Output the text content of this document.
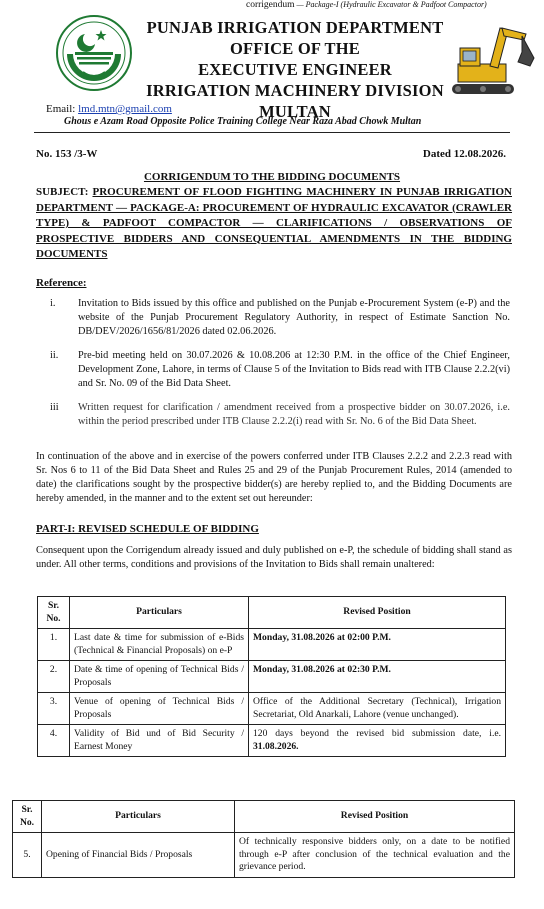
corrigendum — Package-I (Hydraulic Excavator & Padfoot Compactor)
PUNJAB IRRIGATION DEPARTMENT
OFFICE OF THE
EXECUTIVE ENGINEER
IRRIGATION MACHINERY DIVISION
MULTAN
Email: lmd.mtn@gmail.com
Ghous e Azam Road Opposite Police Training College Near Raza Abad Chowk Multan
No. 153 /3-W	Dated 12.08.2026.
CORRIGENDUM TO THE BIDDING DOCUMENTS
SUBJECT: PROCUREMENT OF FLOOD FIGHTING MACHINERY IN PUNJAB IRRIGATION DEPARTMENT — PACKAGE-A: PROCUREMENT OF HYDRAULIC EXCAVATOR (CRAWLER TYPE) & PADFOOT COMPACTOR — CLARIFICATIONS / OBSERVATIONS OF PROSPECTIVE BIDDERS AND CONSEQUENTIAL AMENDMENTS IN THE BIDDING DOCUMENTS
Reference:
i.	Invitation to Bids issued by this office and published on the Punjab e-Procurement System (e-P) and the website of the Punjab Procurement Regulatory Authority, in respect of Estimate Sanction No. DB/DEV/2026/1656/81/2026 dated 02.06.2026.
ii.	Pre-bid meeting held on 30.07.2026 & 10.08.206 at 12:30 P.M. in the office of the Chief Engineer, Development Zone, Lahore, in terms of Clause 5 of the Invitation to Bids read with ITB Clause 2.2.2(vi) and Sr. No. 09 of the Bid Data Sheet.
iii	Written request for clarification / amendment received from a prospective bidder on 30.07.2026, i.e. within the period prescribed under ITB Clause 2.2.2(i) read with Sr. No. 6 of the Bid Data Sheet.
In continuation of the above and in exercise of the powers conferred under ITB Clauses 2.2.2 and 2.2.3 read with Sr. Nos 6 to 11 of the Bid Data Sheet and Rules 25 and 29 of the Punjab Procurement Rules, 2014 (amended to date) the clarifications sought by the prospective bidder(s) are hereby replied to, and the Bidding Documents are hereby amended, in the manner and to the extent set out hereunder:
PART-I: REVISED SCHEDULE OF BIDDING
Consequent upon the Corrigendum already issued and duly published on e-P, the schedule of bidding shall stand as under. All other terms, conditions and provisions of the Invitation to Bids shall remain unaltered:
Sr. No.	Particulars	Revised Position
1.	Last date & time for submission of e-Bids (Technical & Financial Proposals) on e-P	Monday, 31.08.2026 at 02:00 P.M.
2.	Date & time of opening of Technical Bids / Proposals	Monday, 31.08.2026 at 02:30 P.M.
3.	Venue of opening of Technical Bids / Proposals	Office of the Additional Secretary (Technical), Irrigation Secretariat, Old Anarkali, Lahore (venue unchanged).
4.	Validity of Bid und of Bid Security / Earnest Money	120 days beyond the revised bid submission date, i.e. 31.08.2026.
Sr. No.	Particulars	Revised Position
5.	Opening of Financial Bids / Proposals	Of technically responsive bidders only, on a date to be notified through e-P after conclusion of the technical evaluation and the grievance period.
